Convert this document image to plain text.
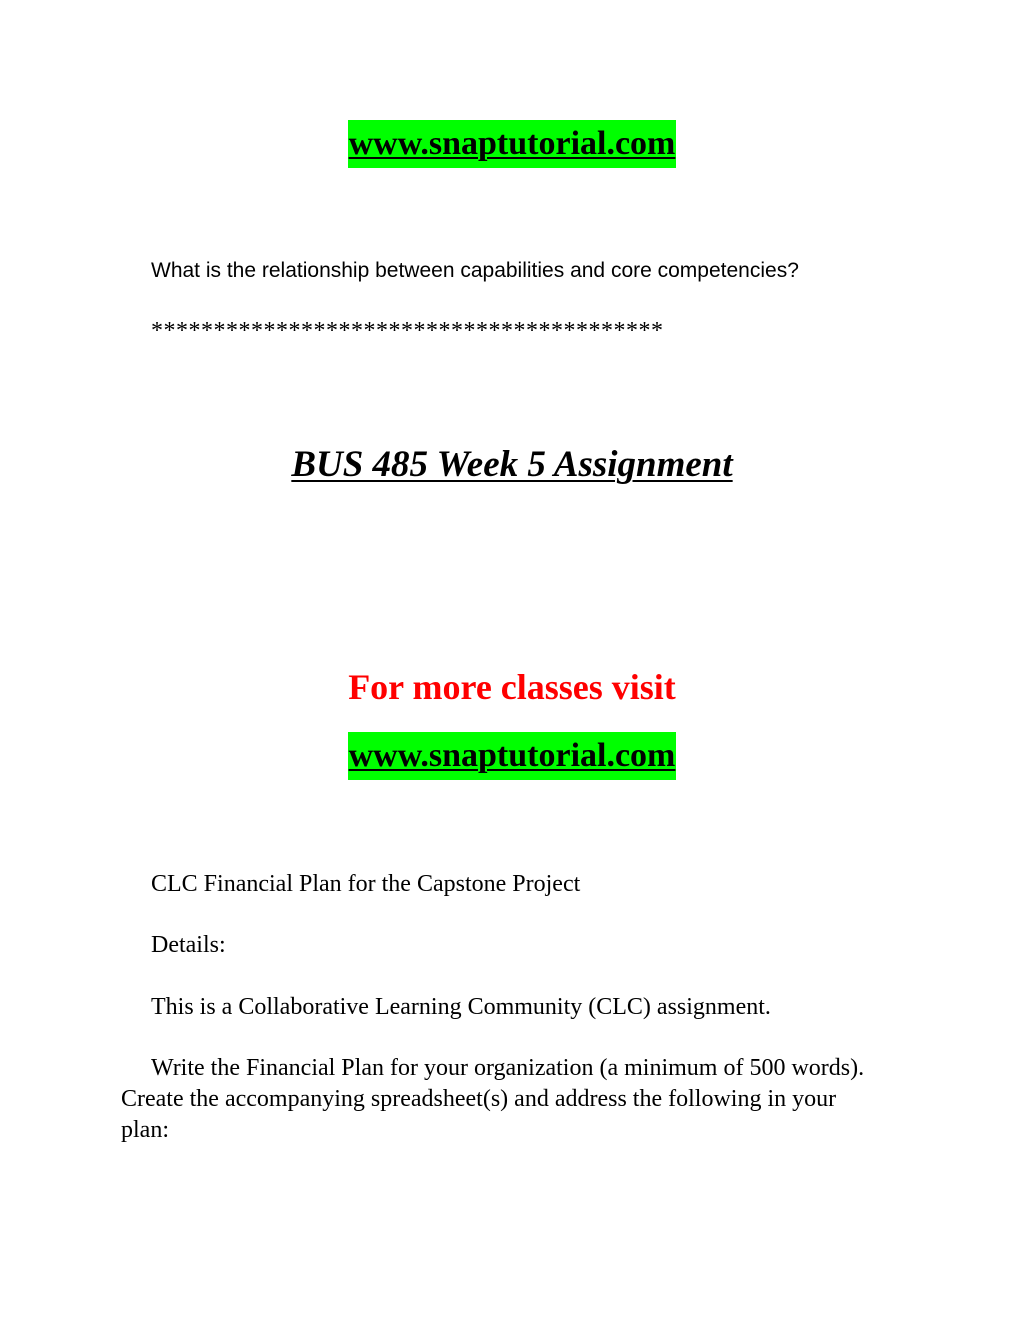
www.snaptutorial.com
What is the relationship between capabilities and core competencies?
*****************************************
BUS 485 Week 5 Assignment
For more classes visit
www.snaptutorial.com
CLC Financial Plan for the Capstone Project
Details:
This is a Collaborative Learning Community (CLC) assignment.
Write the Financial Plan for your organization (a minimum of 500 words). Create the accompanying spreadsheet(s) and address the following in your plan:
